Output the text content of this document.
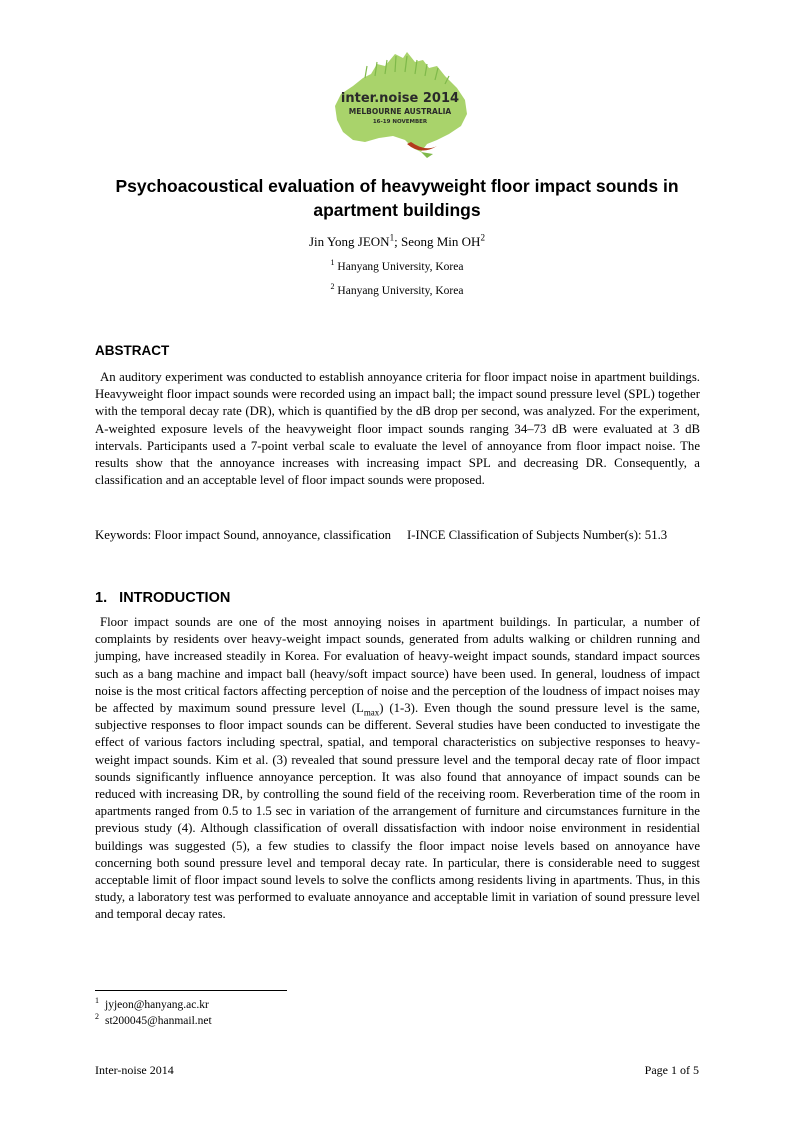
inter.noise 2014
MELBOURNE AUSTRALIA
16-19 NOVEMBER
Psychoacoustical evaluation of heavyweight floor impact sounds in
apartment buildings
Jin Yong JEON$^1$; Seong Min $OH^2$
$^1$ Hanyang University, Korea
$^2$ Hanyang University, Korea
ABSTRACT

An auditory experiment was conducted to establish annoyance criteria for floor impact noise in apartment buildings. Heavyweight floor impact sounds were recorded using an impact ball; the impact sound pressure level (SPL) together with the temporal decay rate (DR), which is quantified by the dB drop per second, was analyzed. For the experiment, A-weighted exposure levels of the heavyweight floor impact sounds ranging 34–73 dB were evaluated at 3 dB intervals. Participants used a 7-point verbal scale to evaluate the level of annoyance from floor impact noise. The results show that the annoyance increases with increasing impact SPL and decreasing DR. Consequently, a classification and an acceptable level of floor impact sounds were proposed.

Keywords: Floor impact Sound, annoyance, classification     I-INCE Classification of Subjects Number(s): 51.3

1.   INTRODUCTION

Floor impact sounds are one of the most annoying noises in apartment buildings. In particular, a number of complaints by residents over heavy-weight impact sounds, generated from adults walking or children running and jumping, have increased steadily in Korea. For evaluation of heavy-weight impact sounds, standard impact sources such as a bang machine and impact ball (heavy/soft impact source) have been used. In general, loudness of impact noise is the most critical factors affecting perception of noise and the perception of the loudness of impact noises may be affected by maximum sound pressure level $(L_{max})$ (1-3). Even though the sound pressure level is the same, subjective responses to floor impact sounds can be different. Several studies have been conducted to investigate the effect of various factors including spectral, spatial, and temporal characteristics on subjective responses to heavy-weight impact sounds. Kim et al. (3) revealed that sound pressure level and the temporal decay rate of floor impact sounds significantly influence annoyance perception. It was also found that annoyance of impact sounds can be reduced with increasing DR, by controlling the sound field of the receiving room. Reverberation time of the room in apartments ranged from 0.5 to 1.5 sec in variation of the arrangement of furniture and circumstances furniture in the previous study (4). Although classification of overall dissatisfaction with indoor noise environment in residential buildings was suggested (5), a few studies to classify the floor impact noise levels based on annoyance have concerning both sound pressure level and temporal decay rate. In particular, there is considerable need to suggest acceptable limit of floor impact sound levels to solve the conflicts among residents living in apartments. Thus, in this study, a laboratory test was performed to evaluate annoyance and acceptable limit in variation of sound pressure level and temporal decay rates.

$^1$ jyjeon@hanyang.ac.kr
$^2$ st200045@hanmail.net
Inter-noise 2014	Page 1 of 5
